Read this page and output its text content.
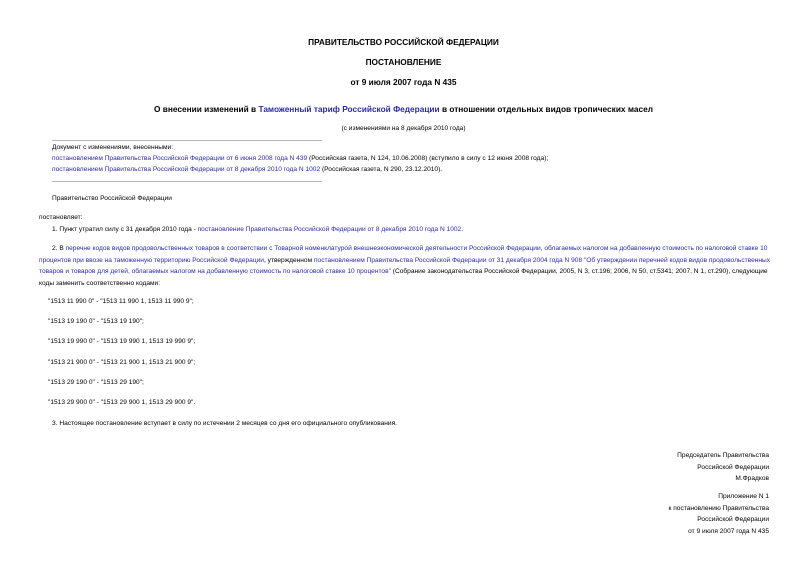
ПРАВИТЕЛЬСТВО РОССИЙСКОЙ ФЕДЕРАЦИИ
ПОСТАНОВЛЕНИЕ
от 9 июля 2007 года N 435
О внесении изменений в Таможенный тариф Российской Федерации в отношении отдельных видов тропических масел
(с изменениями на 8 декабря 2010 года)
Документ с изменениями, внесенными:
постановлением Правительства Российской Федерации от 6 июня 2008 года N 439 (Российская газета, N 124, 10.06.2008) (вступило в силу с 12 июня 2008 года);
постановлением Правительства Российской Федерации от 8 декабря 2010 года N 1002 (Российская газета, N 290, 23.12.2010).
Правительство Российской Федерации
постановляет:
1. Пункт утратил силу с 31 декабря 2010 года - постановление Правительства Российской Федерации от 8 декабря 2010 года N 1002.
2. В перечне кодов видов продовольственных товаров в соответствии с Товарной номенклатурой внешнеэкономической деятельности Российской Федерации, облагаемых налогом на добавленную стоимость по налоговой ставке 10 процентов при ввозе на таможенную территорию Российской Федерации, утвержденном постановлением Правительства Российской Федерации от 31 декабря 2004 года N 908 "Об утверждении перечней кодов видов продовольственных товаров и товаров для детей, облагаемых налогом на добавленную стоимость по налоговой ставке 10 процентов" (Собрание законодательства Российской Федерации, 2005, N 3, ст.196; 2006, N 50, ст.5341; 2007, N 1, ст.290), следующие коды заменить соответственно кодами:
"1513 11 990 0" - "1513 11 990 1, 1513 11 990 9";
"1513 19 190 0" - "1513 19 190";
"1513 19 990 0" - "1513 19 990 1, 1513 19 990 9";
"1513 21 900 0" - "1513 21 900 1, 1513 21 900 9";
"1513 29 190 0" - "1513 29 190";
"1513 29 900 0" - "1513 29 900 1, 1513 29 900 9".
3. Настоящее постановление вступает в силу по истечении 2 месяцев со дня его официального опубликования.
Председатель Правительства
Российской Федерации
М.Фрадков
Приложение N 1
к постановлению Правительства
Российской Федерации
от 9 июля 2007 года N 435
